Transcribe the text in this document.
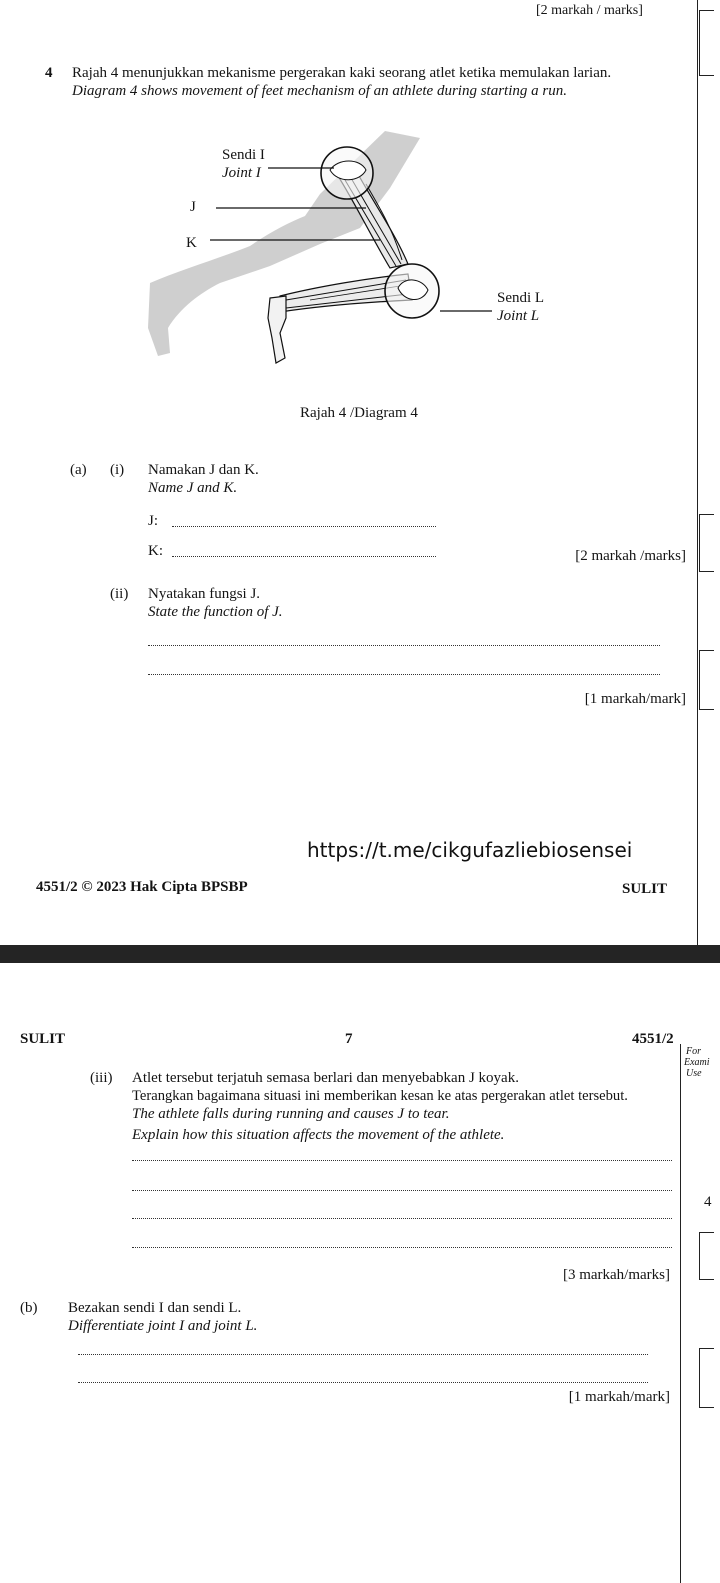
[2 markah / marks]
4 Rajah 4 menunjukkan mekanisme pergerakan kaki seorang atlet ketika memulakan larian.
Diagram 4 shows movement of feet mechanism of an athlete during starting a run.
Sendi I
Joint I
J
K
Sendi L
Joint L
Rajah 4 /Diagram 4
(a) (i) Namakan J dan K.
Name J and K.
J:
K:	[2 markah /marks]
(ii) Nyatakan fungsi J.
State the function of J.
[1 markah/mark]
https://t.me/cikgufazliebiosensei
4551/2 © 2023 Hak Cipta BPSBP	SULIT
SULIT	7	4551/2
For
Exami
Use
4
(iii) Atlet tersebut terjatuh semasa berlari dan menyebabkan J koyak.
Terangkan bagaimana situasi ini memberikan kesan ke atas pergerakan atlet tersebut.
The athlete falls during running and causes J to tear.
Explain how this situation affects the movement of the athlete.
[3 markah/marks]
(b) Bezakan sendi I dan sendi L.
Differentiate joint I and joint L.
[1 markah/mark]
